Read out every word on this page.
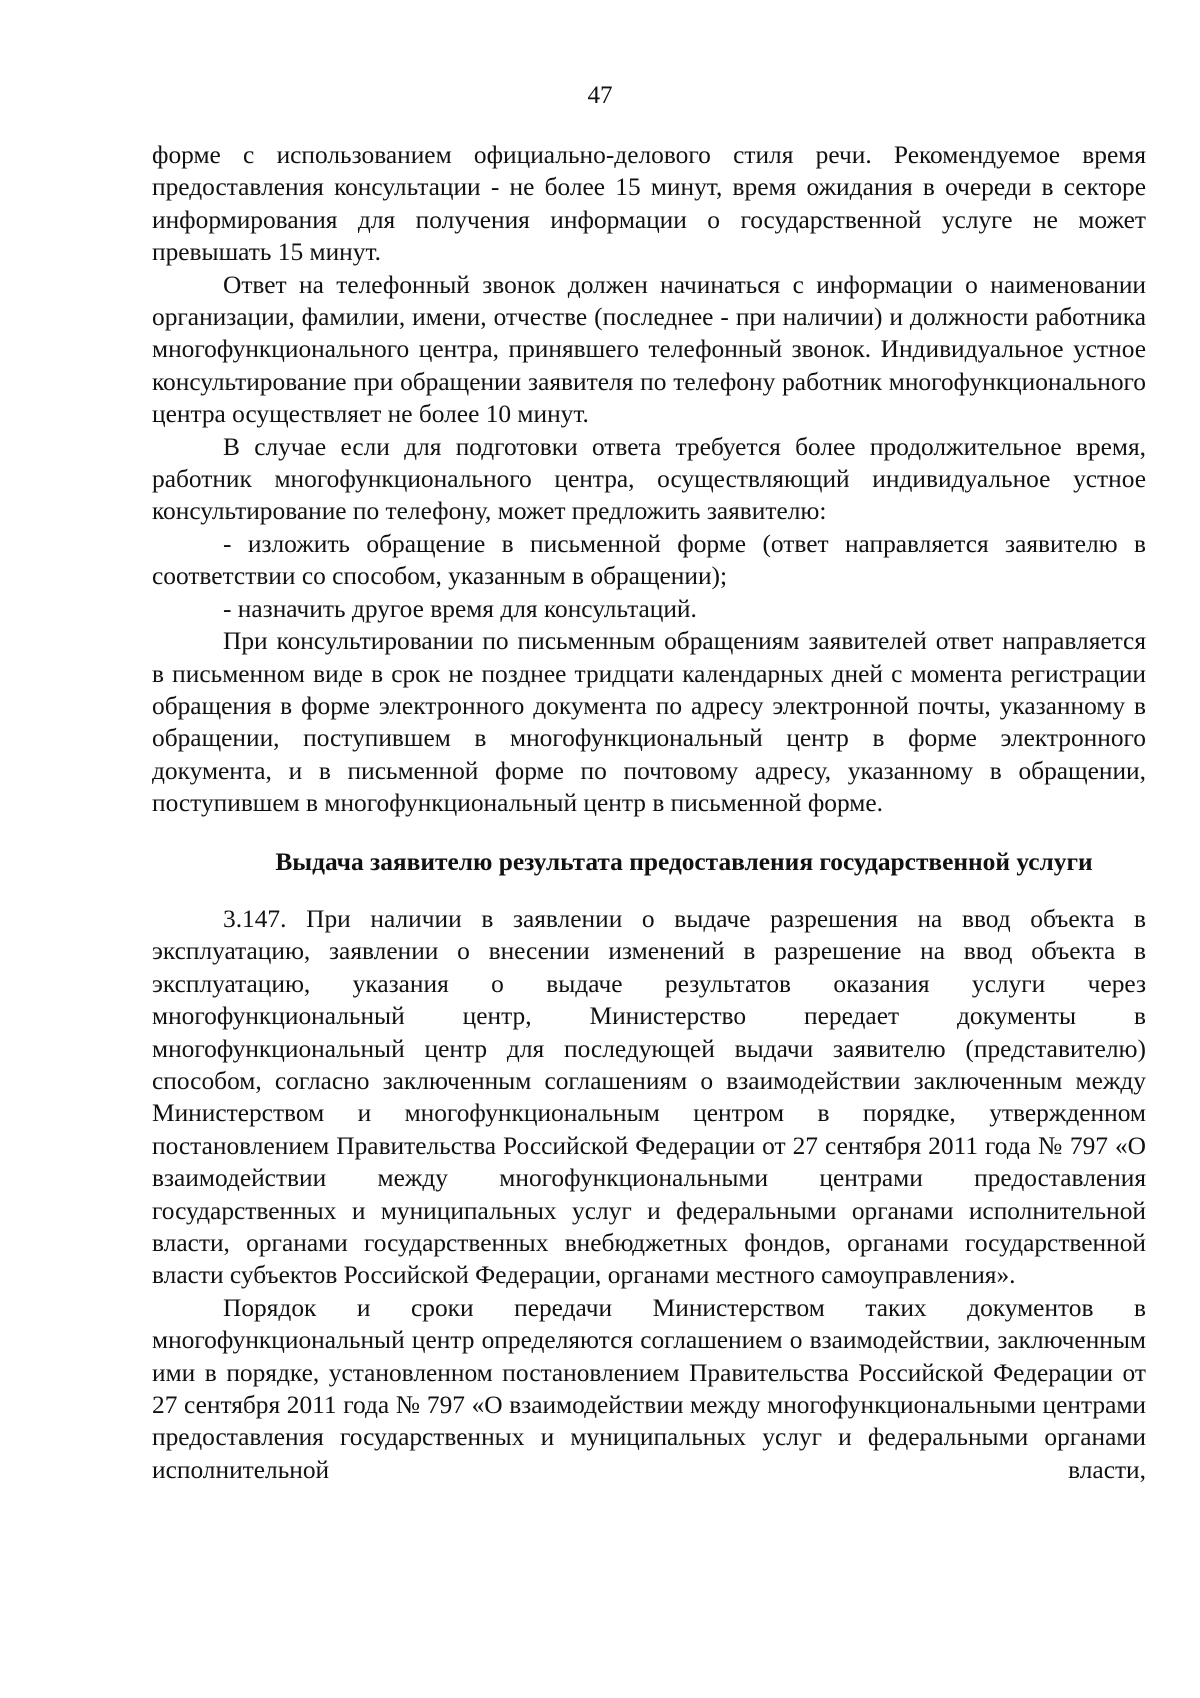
47

форме с использованием официально-делового стиля речи. Рекомендуемое время предоставления консультации - не более 15 минут, время ожидания в очереди в секторе информирования для получения информации о государственной услуге не может превышать 15 минут.

Ответ на телефонный звонок должен начинаться с информации о наименовании организации, фамилии, имени, отчестве (последнее - при наличии) и должности работника многофункционального центра, принявшего телефонный звонок. Индивидуальное устное консультирование при обращении заявителя по телефону работник многофункционального центра осуществляет не более 10 минут.

В случае если для подготовки ответа требуется более продолжительное время, работник многофункционального центра, осуществляющий индивидуальное устное консультирование по телефону, может предложить заявителю:

- изложить обращение в письменной форме (ответ направляется заявителю в соответствии со способом, указанным в обращении);

- назначить другое время для консультаций.

При консультировании по письменным обращениям заявителей ответ направляется в письменном виде в срок не позднее тридцати календарных дней с момента регистрации обращения в форме электронного документа по адресу электронной почты, указанному в обращении, поступившем в многофункциональный центр в форме электронного документа, и в письменной форме по почтовому адресу, указанному в обращении, поступившем в многофункциональный центр в письменной форме.

Выдача заявителю результата предоставления государственной услуги

3.147. При наличии в заявлении о выдаче разрешения на ввод объекта в эксплуатацию, заявлении о внесении изменений в разрешение на ввод объекта в эксплуатацию, указания о выдаче результатов оказания услуги через многофункциональный центр, Министерство передает документы в многофункциональный центр для последующей выдачи заявителю (представителю) способом, согласно заключенным соглашениям о взаимодействии заключенным между Министерством и многофункциональным центром в порядке, утвержденном постановлением Правительства Российской Федерации от 27 сентября 2011 года № 797 «О взаимодействии между многофункциональными центрами предоставления государственных и муниципальных услуг и федеральными органами исполнительной власти, органами государственных внебюджетных фондов, органами государственной власти субъектов Российской Федерации, органами местного самоуправления».

Порядок и сроки передачи Министерством таких документов в многофункциональный центр определяются соглашением о взаимодействии, заключенным ими в порядке, установленном постановлением Правительства Российской Федерации от 27 сентября 2011 года № 797 «О взаимодействии между многофункциональными центрами предоставления государственных и муниципальных услуг и федеральными органами исполнительной власти,
